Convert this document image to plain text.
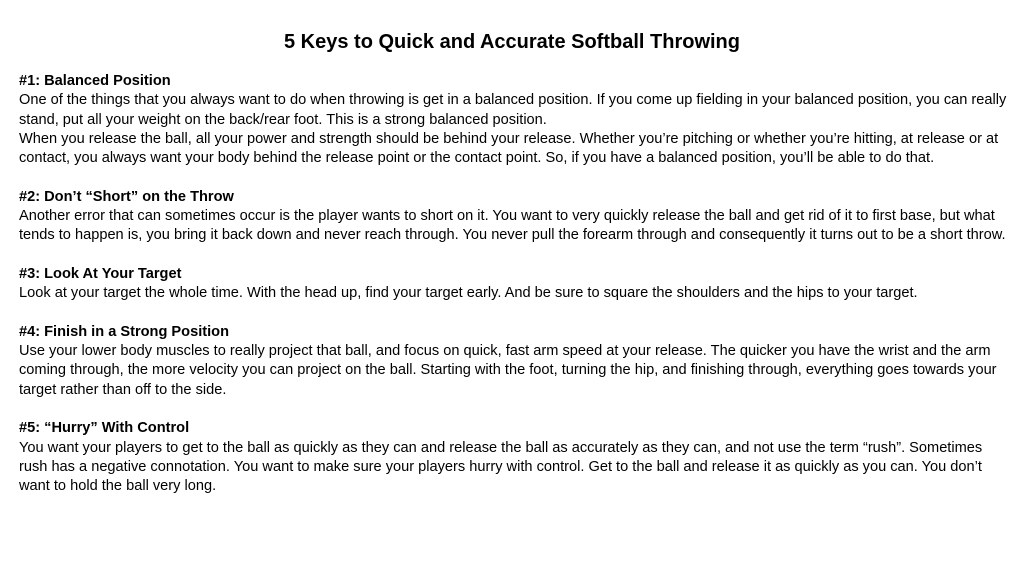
5 Keys to Quick and Accurate Softball Throwing
#1: Balanced Position
One of the things that you always want to do when throwing is get in a balanced position. If you come up fielding in your balanced position, you can really stand, put all your weight on the back/rear foot. This is a strong balanced position.
When you release the ball, all your power and strength should be behind your release. Whether you’re pitching or whether you’re hitting, at release or at contact, you always want your body behind the release point or the contact point. So, if you have a balanced position, you’ll be able to do that.
#2: Don’t “Short” on the Throw
Another error that can sometimes occur is the player wants to short on it. You want to very quickly release the ball and get rid of it to first base, but what tends to happen is, you bring it back down and never reach through. You never pull the forearm through and consequently it turns out to be a short throw.
#3: Look At Your Target
Look at your target the whole time. With the head up, find your target early. And be sure to square the shoulders and the hips to your target.
#4: Finish in a Strong Position
Use your lower body muscles to really project that ball, and focus on quick, fast arm speed at your release. The quicker you have the wrist and the arm coming through, the more velocity you can project on the ball. Starting with the foot, turning the hip, and finishing through, everything goes towards your target rather than off to the side.
#5: “Hurry” With Control
You want your players to get to the ball as quickly as they can and release the ball as accurately as they can, and not use the term “rush”. Sometimes rush has a negative connotation. You want to make sure your players hurry with control. Get to the ball and release it as quickly as you can. You don’t want to hold the ball very long.
